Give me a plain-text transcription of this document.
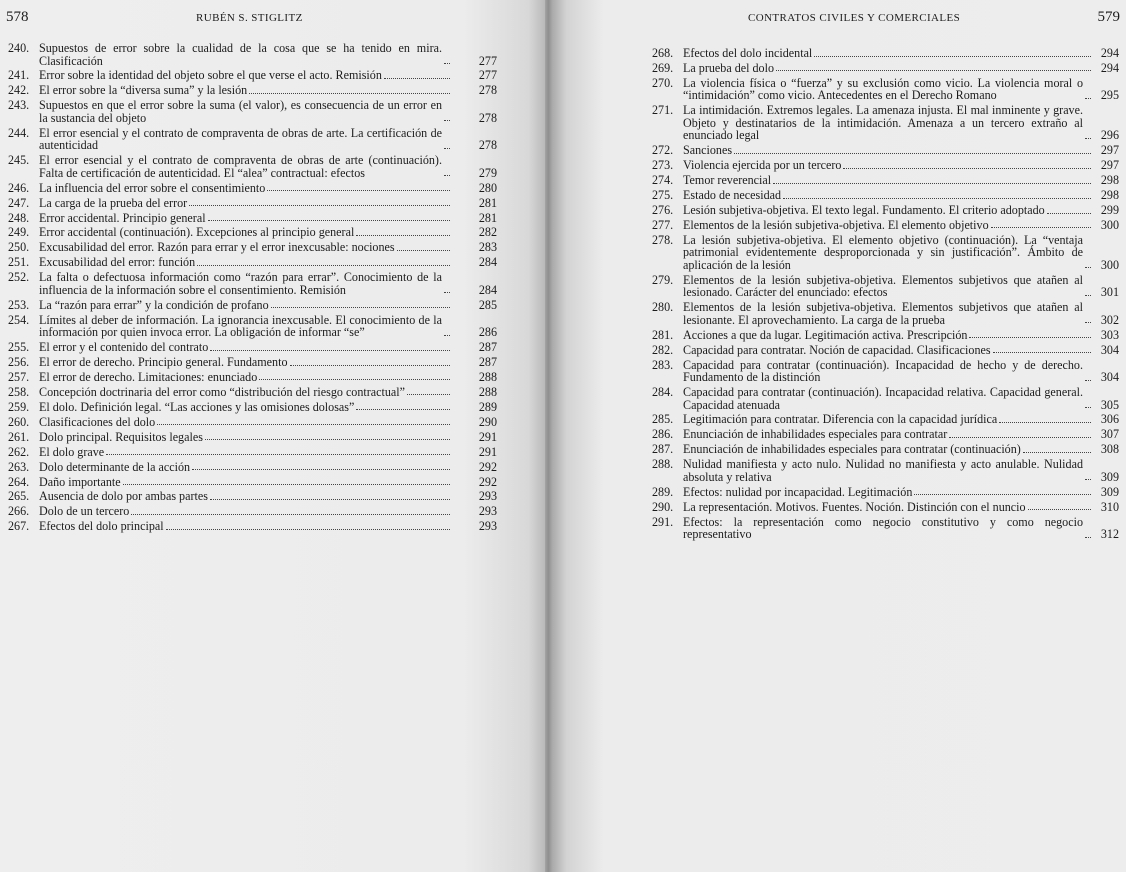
578	RUBÉN S. STIGLITZ
240. Supuestos de error sobre la cualidad de la cosa que se ha tenido en mira. Clasificación	277
241. Error sobre la identidad del objeto sobre el que verse el acto. Remisión	277
242. El error sobre la “diversa suma” y la lesión	278
243. Supuestos en que el error sobre la suma (el valor), es consecuencia de un error en la sustancia del objeto	278
244. El error esencial y el contrato de compraventa de obras de arte. La certificación de autenticidad	278
245. El error esencial y el contrato de compraventa de obras de arte (continuación). Falta de certificación de autenticidad. El “alea” contractual: efectos	279
246. La influencia del error sobre el consentimiento	280
247. La carga de la prueba del error	281
248. Error accidental. Principio general	281
249. Error accidental (continuación). Excepciones al principio general	282
250. Excusabilidad del error. Razón para errar y el error inexcusable: nociones	283
251. Excusabilidad del error: función	284
252. La falta o defectuosa información como “razón para errar”. Conocimiento de la influencia de la información sobre el consentimiento. Remisión	284
253. La “razón para errar” y la condición de profano	285
254. Límites al deber de información. La ignorancia inexcusable. El conocimiento de la información por quien invoca error. La obligación de informar “se”	286
255. El error y el contenido del contrato	287
256. El error de derecho. Principio general. Fundamento	287
257. El error de derecho. Limitaciones: enunciado	288
258. Concepción doctrinaria del error como “distribución del riesgo contractual”	288
259. El dolo. Definición legal. “Las acciones y las omisiones dolosas”	289
260. Clasificaciones del dolo	290
261. Dolo principal. Requisitos legales	291
262. El dolo grave	291
263. Dolo determinante de la acción	292
264. Daño importante	292
265. Ausencia de dolo por ambas partes	293
266. Dolo de un tercero	293
267. Efectos del dolo principal	293
CONTRATOS CIVILES Y COMERCIALES	579
268. Efectos del dolo incidental	294
269. La prueba del dolo	294
270. La violencia física o “fuerza” y su exclusión como vicio. La violencia moral o “intimidación” como vicio. Antecedentes en el Derecho Romano	295
271. La intimidación. Extremos legales. La amenaza injusta. El mal inminente y grave. Objeto y destinatarios de la intimidación. Amenaza a un tercero extraño al enunciado legal	296
272. Sanciones	297
273. Violencia ejercida por un tercero	297
274. Temor reverencial	298
275. Estado de necesidad	298
276. Lesión subjetiva-objetiva. El texto legal. Fundamento. El criterio adoptado	299
277. Elementos de la lesión subjetiva-objetiva. El elemento objetivo	300
278. La lesión subjetiva-objetiva. El elemento objetivo (continuación). La “ventaja patrimonial evidentemente desproporcionada y sin justificación”. Ámbito de aplicación de la lesión	300
279. Elementos de la lesión subjetiva-objetiva. Elementos subjetivos que atañen al lesionado. Carácter del enunciado: efectos	301
280. Elementos de la lesión subjetiva-objetiva. Elementos subjetivos que atañen al lesionante. El aprovechamiento. La carga de la prueba	302
281. Acciones a que da lugar. Legitimación activa. Prescripción	303
282. Capacidad para contratar. Noción de capacidad. Clasificaciones	304
283. Capacidad para contratar (continuación). Incapacidad de hecho y de derecho. Fundamento de la distinción	304
284. Capacidad para contratar (continuación). Incapacidad relativa. Capacidad general. Capacidad atenuada	305
285. Legitimación para contratar. Diferencia con la capacidad jurídica	306
286. Enunciación de inhabilidades especiales para contratar	307
287. Enunciación de inhabilidades especiales para contratar (continuación)	308
288. Nulidad manifiesta y acto nulo. Nulidad no manifiesta y acto anulable. Nulidad absoluta y relativa	309
289. Efectos: nulidad por incapacidad. Legitimación	309
290. La representación. Motivos. Fuentes. Noción. Distinción con el nuncio	310
291. Efectos: la representación como negocio constitutivo y como negocio representativo	312
